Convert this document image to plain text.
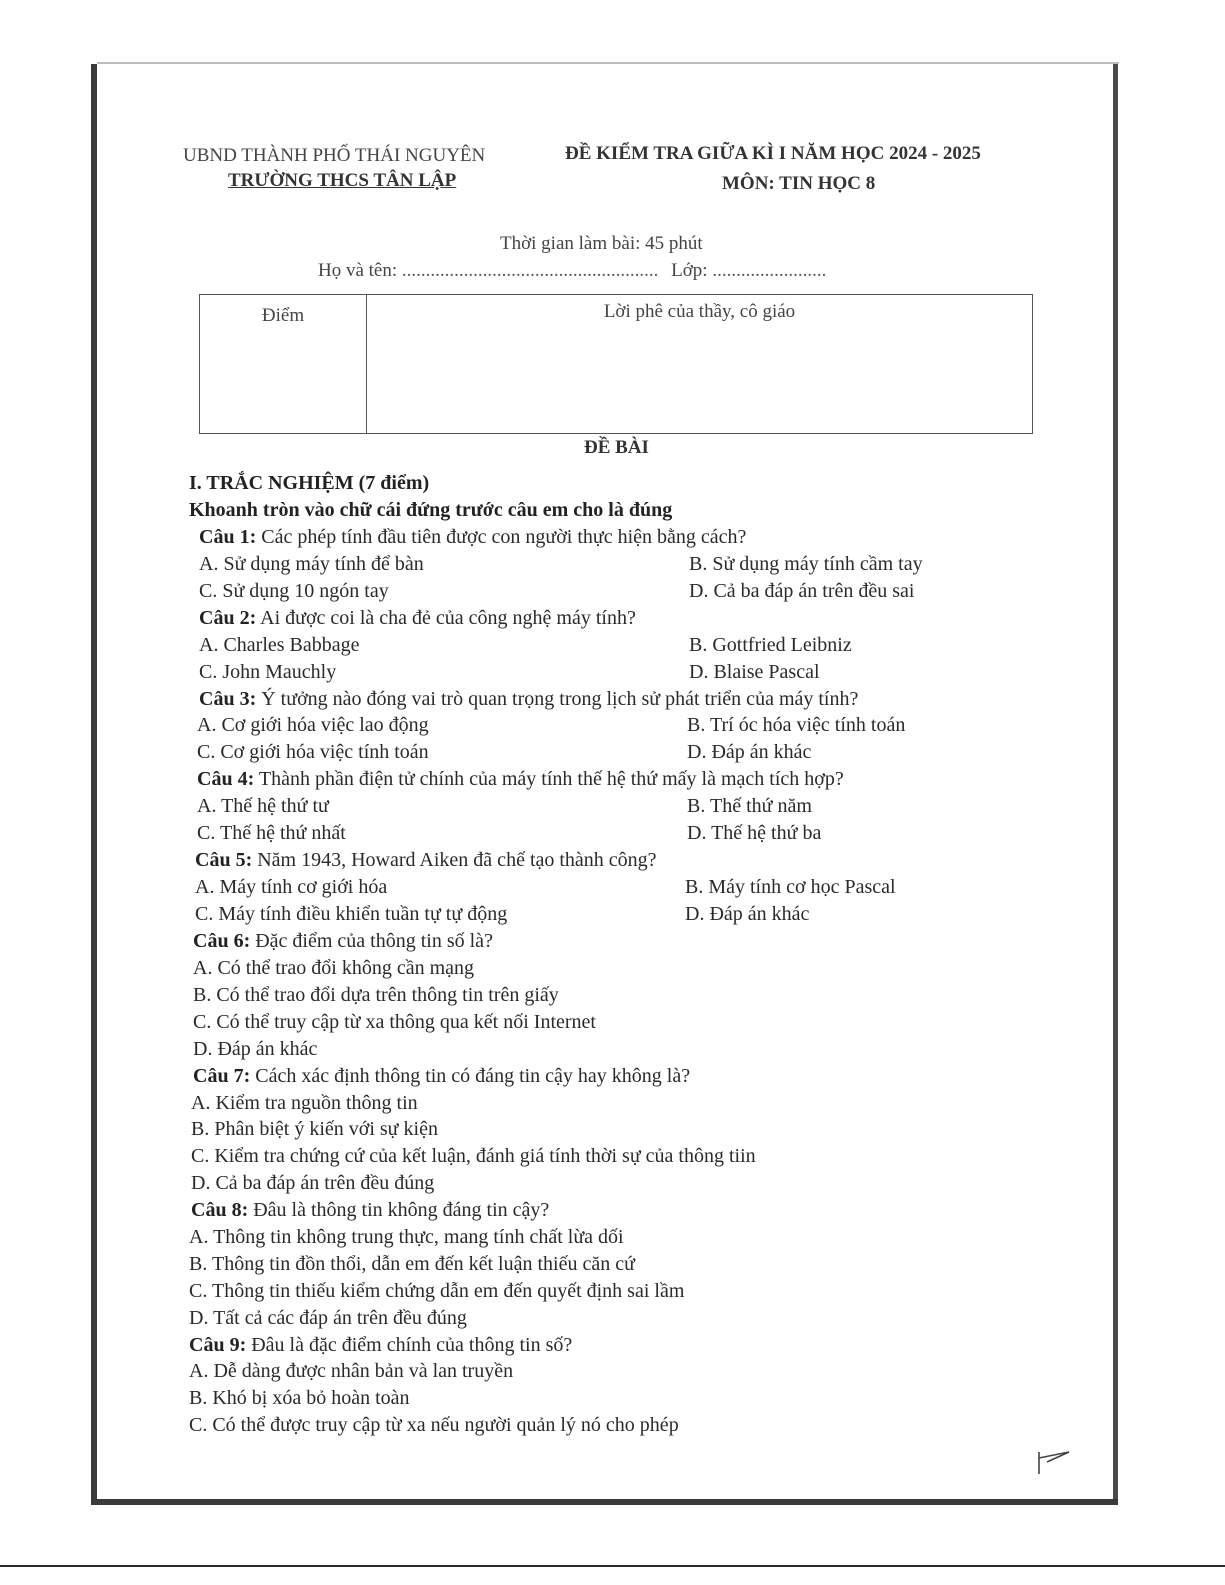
UBND THÀNH PHỐ THÁI NGUYÊN
TRƯỜNG THCS TÂN LẬP
ĐỀ KIỂM TRA GIỮA KÌ I NĂM HỌC 2024 - 2025
MÔN: TIN HỌC 8
Thời gian làm bài: 45 phút
Họ và tên: ...................................................... Lớp: ........................
Điểm	Lời phê của thầy, cô giáo
ĐỀ BÀI
I. TRẮC NGHIỆM (7 điểm)
Khoanh tròn vào chữ cái đứng trước câu em cho là đúng
Câu 1: Các phép tính đầu tiên được con người thực hiện bằng cách?
A. Sử dụng máy tính để bàn	B. Sử dụng máy tính cầm tay
C. Sử dụng 10 ngón tay	D. Cả ba đáp án trên đều sai
Câu 2: Ai được coi là cha đẻ của công nghệ máy tính?
A. Charles Babbage	B. Gottfried Leibniz
C. John Mauchly	D. Blaise Pascal
Câu 3: Ý tưởng nào đóng vai trò quan trọng trong lịch sử phát triển của máy tính?
A. Cơ giới hóa việc lao động	B. Trí óc hóa việc tính toán
C. Cơ giới hóa việc tính toán	D. Đáp án khác
Câu 4: Thành phần điện tử chính của máy tính thế hệ thứ mấy là mạch tích hợp?
A. Thế hệ thứ tư	B. Thế thứ năm
C. Thế hệ thứ nhất	D. Thế hệ thứ ba
Câu 5: Năm 1943, Howard Aiken đã chế tạo thành công?
A. Máy tính cơ giới hóa	B. Máy tính cơ học Pascal
C. Máy tính điều khiển tuần tự tự động	D. Đáp án khác
Câu 6: Đặc điểm của thông tin số là?
A. Có thể trao đổi không cần mạng
B. Có thể trao đổi dựa trên thông tin trên giấy
C. Có thể truy cập từ xa thông qua kết nối Internet
D. Đáp án khác
Câu 7: Cách xác định thông tin có đáng tin cậy hay không là?
A. Kiểm tra nguồn thông tin
B. Phân biệt ý kiến với sự kiện
C. Kiểm tra chứng cứ của kết luận, đánh giá tính thời sự của thông tiin
D. Cả ba đáp án trên đều đúng
Câu 8: Đâu là thông tin không đáng tin cậy?
A. Thông tin không trung thực, mang tính chất lừa dối
B. Thông tin đồn thổi, dẫn em đến kết luận thiếu căn cứ
C. Thông tin thiếu kiểm chứng dẫn em đến quyết định sai lầm
D. Tất cả các đáp án trên đều đúng
Câu 9: Đâu là đặc điểm chính của thông tin số?
A. Dễ dàng được nhân bản và lan truyền
B. Khó bị xóa bỏ hoàn toàn
C. Có thể được truy cập từ xa nếu người quản lý nó cho phép
